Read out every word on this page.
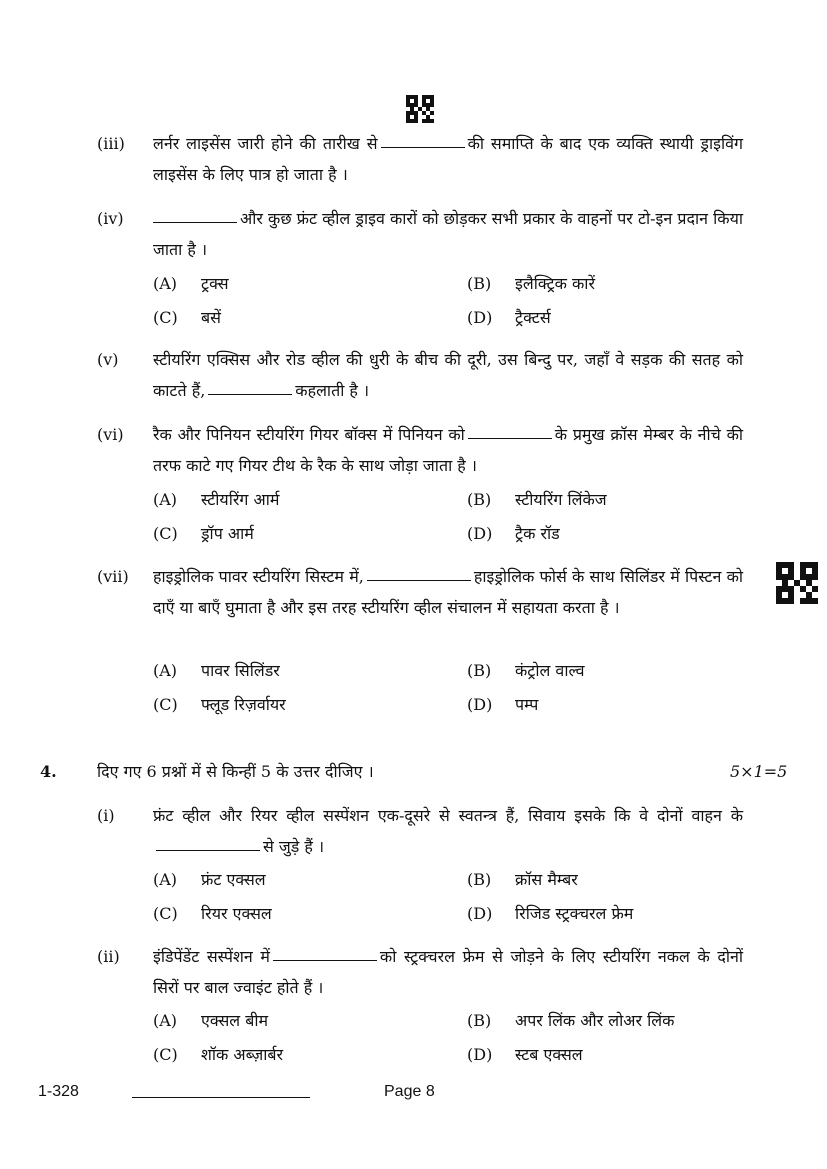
(iii) लर्नर लाइसेंस जारी होने की तारीख से	की समाप्ति के बाद एक व्यक्ति स्थायी ड्राइविंग लाइसेंस के लिए पात्र हो जाता है ।
(iv)	और कुछ फ्रंट व्हील ड्राइव कारों को छोड़कर सभी प्रकार के वाहनों पर टो-इन प्रदान किया जाता है ।
(A) ट्रक्स	(B) इलैक्ट्रिक कारें
(C) बसें	(D) ट्रैक्टर्स
(v) स्टीयरिंग एक्सिस और रोड व्हील की धुरी के बीच की दूरी, उस बिन्दु पर, जहाँ वे सड़क की सतह को काटते हैं,	कहलाती है ।
(vi) रैक और पिनियन स्टीयरिंग गियर बॉक्स में पिनियन को	के प्रमुख क्रॉस मेम्बर के नीचे की तरफ काटे गए गियर टीथ के रैक के साथ जोड़ा जाता है ।
(A) स्टीयरिंग आर्म	(B) स्टीयरिंग लिंकेज
(C) ड्रॉप आर्म	(D) ट्रैक रॉड
(vii) हाइड्रोलिक पावर स्टीयरिंग सिस्टम में,	हाइड्रोलिक फोर्स के साथ सिलिंडर में पिस्टन को दाएँ या बाएँ घुमाता है और इस तरह स्टीयरिंग व्हील संचालन में सहायता करता है ।
(A) पावर सिलिंडर	(B) कंट्रोल वाल्व
(C) फ्लूड रिज़र्वायर	(D) पम्प
4.	दिए गए 6 प्रश्नों में से किन्हीं 5 के उत्तर दीजिए ।	5×1=5
(i) फ्रंट व्हील और रियर व्हील सस्पेंशन एक-दूसरे से स्वतन्त्र हैं, सिवाय इसके कि वे दोनों वाहन केसे जुड़े हैं ।
(A) फ्रंट एक्सल	(B) क्रॉस मैम्बर
(C) रियर एक्सल	(D) रिजिड स्ट्रक्चरल फ्रेम
(ii) इंडिपेंडेंट सस्पेंशन में	को स्ट्रक्चरल फ्रेम से जोड़ने के लिए स्टीयरिंग नकल के दोनों सिरों पर बाल ज्वाइंट होते हैं ।
(A) एक्सल बीम	(B) अपर लिंक और लोअर लिंक
(C) शॉक अब्ज़ार्बर	(D) स्टब एक्सल
1-328	Page 8
